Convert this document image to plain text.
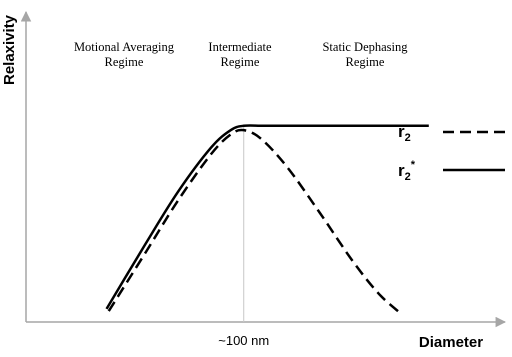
Relaxivity
Diameter
~100 nm
Motional Averaging
Regime
Intermediate
Regime
Static Dephasing
Regime
$r_2$
$r_2^*$
